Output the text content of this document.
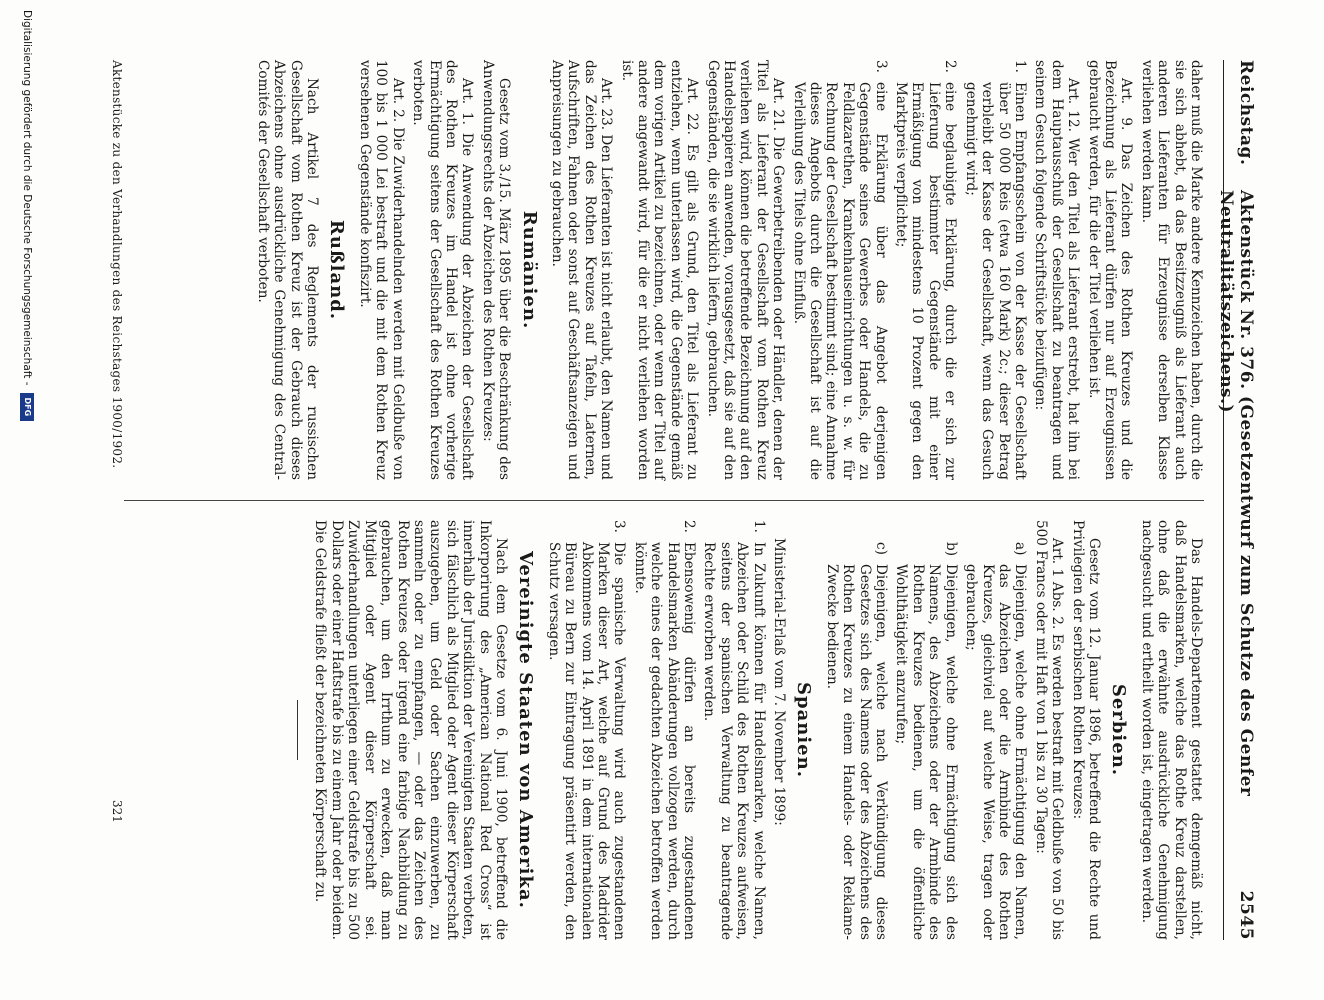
Reichstag.
Aktenstück Nr. 376. (Gesetzentwurf zum Schutze des Genfer Neutralitätszeichens.)
2545

daher muß die Marke andere Kennzeichen haben, durch die sie sich abhebt, da das Besitzzeugniß als Lieferant auch anderen Lieferanten für Erzeugnisse derselben Klasse verliehen werden kann.

Art. 9. Das Zeichen des Rothen Kreuzes und die Bezeichnung als Lieferant dürfen nur auf Erzeugnissen gebraucht werden, für die der Titel verliehen ist.

Art. 12. Wer den Titel als Lieferant erstrebt, hat ihn bei dem Hauptausschuß der Gesellschaft zu beantragen und seinem Gesuch folgende Schriftstücke beizufügen:

1.
Einen Empfangsschein von der Kasse der Gesellschaft über 50 000 Reis (etwa 160 Mark) 2c.; dieser Betrag verbleibt der Kasse der Gesellschaft, wenn das Gesuch genehmigt wird;

2.
eine beglaubigte Erklärung, durch die er sich zur Lieferung bestimmter Gegenstände mit einer Ermäßigung von mindestens 10 Prozent gegen den Marktpreis verpflichtet;

3.
eine Erklärung über das Angebot derjenigen Gegenstände seines Gewerbes oder Handels, die zu Feldlazarethen, Krankenhauseinrichtungen u. s. w. für Rechnung der Gesellschaft bestimmt sind; eine Annahme dieses Angebots durch die Gesellschaft ist auf die Verleihung des Titels ohne Einfluß.

Art. 21. Die Gewerbetreibenden oder Händler, denen der Titel als Lieferant der Gesellschaft vom Rothen Kreuz verliehen wird, können die betreffende Bezeichnung auf den Handelspapieren anwenden, vorausgesetzt, daß sie auf den Gegenständen, die sie wirklich liefern, gebrauchen.

Art. 22. Es gilt als Grund, den Titel als Lieferant zu entziehen, wenn unterlassen wird, die Gegenstände gemäß dem vorigen Artikel zu bezeichnen, oder wenn der Titel auf andere angewandt wird, für die er nicht verliehen worden ist.

Art. 23. Den Lieferanten ist nicht erlaubt, den Namen und das Zeichen des Rothen Kreuzes auf Tafeln, Laternen, Aufschriften, Fahnen oder sonst auf Geschäftsanzeigen und Anpreisungen zu gebrauchen.

Rumänien.

Gesetz vom 3./15. März 1895 über die Beschränkung des Anwendungsrechts der Abzeichen des Rothen Kreuzes:

Art. 1. Die Anwendung der Abzeichen der Gesellschaft des Rothen Kreuzes im Handel ist ohne vorherige Ermächtigung seitens der Gesellschaft des Rothen Kreuzes verboten.

Art. 2. Die Zuwiderhandelnden werden mit Geldbuße von 100 bis 1 000 Lei bestraft und die mit dem Rothen Kreuz versehenen Gegenstände konfiszirt.

Rußland.

Nach Artikel 7 des Reglements der russischen Gesellschaft vom Rothen Kreuz ist der Gebrauch dieses Abzeichens ohne ausdrückliche Genehmigung des Central-Comités der Gesellschaft verboten.

Das Handels-Departement gestattet demgemäß nicht, daß Handelsmarken, welche das Rothe Kreuz darstellen, ohne daß die erwähnte ausdrückliche Genehmigung nachgesucht und ertheilt worden ist, eingetragen werden.

Serbien.

Gesetz vom 12. Januar 1896, betreffend die Rechte und Privilegien der serbischen Rothen Kreuzes:

Art. 1 Abs. 2. Es werden bestraft mit Geldbuße von 50 bis 500 Francs oder mit Haft von 1 bis zu 30 Tagen:

a)
Diejenigen, welche ohne Ermächtigung den Namen, das Abzeichen oder die Armbinde des Rothen Kreuzes, gleichviel auf welche Weise, tragen oder gebrauchen;

b)
Diejenigen, welche ohne Ermächtigung sich des Namens, des Abzeichens oder der Armbinde des Rothen Kreuzes bedienen, um die öffentliche Wohlthätigkeit anzurufen;

c)
Diejenigen, welche nach Verkündigung dieses Gesetzes sich des Namens oder des Abzeichens des Rothen Kreuzes zu einem Handels- oder Reklame-Zwecke bedienen.

Spanien.

Ministerial-Erlaß vom 7. November 1899:

1.
In Zukunft können für Handelsmarken, welche Namen, Abzeichen oder Schild des Rothen Kreuzes aufweisen, seitens der spanischen Verwaltung zu beantragende Rechte erworben werden.

2.
Ebensowenig dürfen an bereits zugestandenen Handelsmarken Abänderungen vollzogen werden, durch welche eines der gedachten Abzeichen betroffen werden könnte.

3.
Die spanische Verwaltung wird auch zugestandenen Marken dieser Art, welche auf Grund des Madrider Abkommens vom 14. April 1891 in dem internationalen Büreau zu Bern zur Eintragung präsentirt werden, den Schutz versagen.

Vereinigte Staaten von Amerika.

Nach dem Gesetze vom 6. Juni 1900, betreffend die Inkorporirung des „American National Red Cross“ ist innerhalb der Jurisdiktion der Vereinigten Staaten verboten, sich fälschlich als Mitglied oder Agent dieser Körperschaft auszugeben, um Geld oder Sachen einzuwerben, zu sammeln oder zu empfangen, — oder das Zeichen des Rothen Kreuzes oder irgend eine farbige Nachbildung zu gebrauchen, um den Irrthum zu erwecken, daß man Mitglied oder Agent dieser Körperschaft sei. Zuwiderhandlungen unterliegen einer Geldstrafe bis zu 500 Dollars oder einer Haftstrafe bis zu einem Jahr oder beidem. Die Geldstrafe fließt der bezeichneten Körperschaft zu.

Aktenstücke zu den Verhandlungen des Reichstages 1900/1902.
321
Digitalisierung gefördert durch die Deutsche Forschungsgemeinschaft - DFG
